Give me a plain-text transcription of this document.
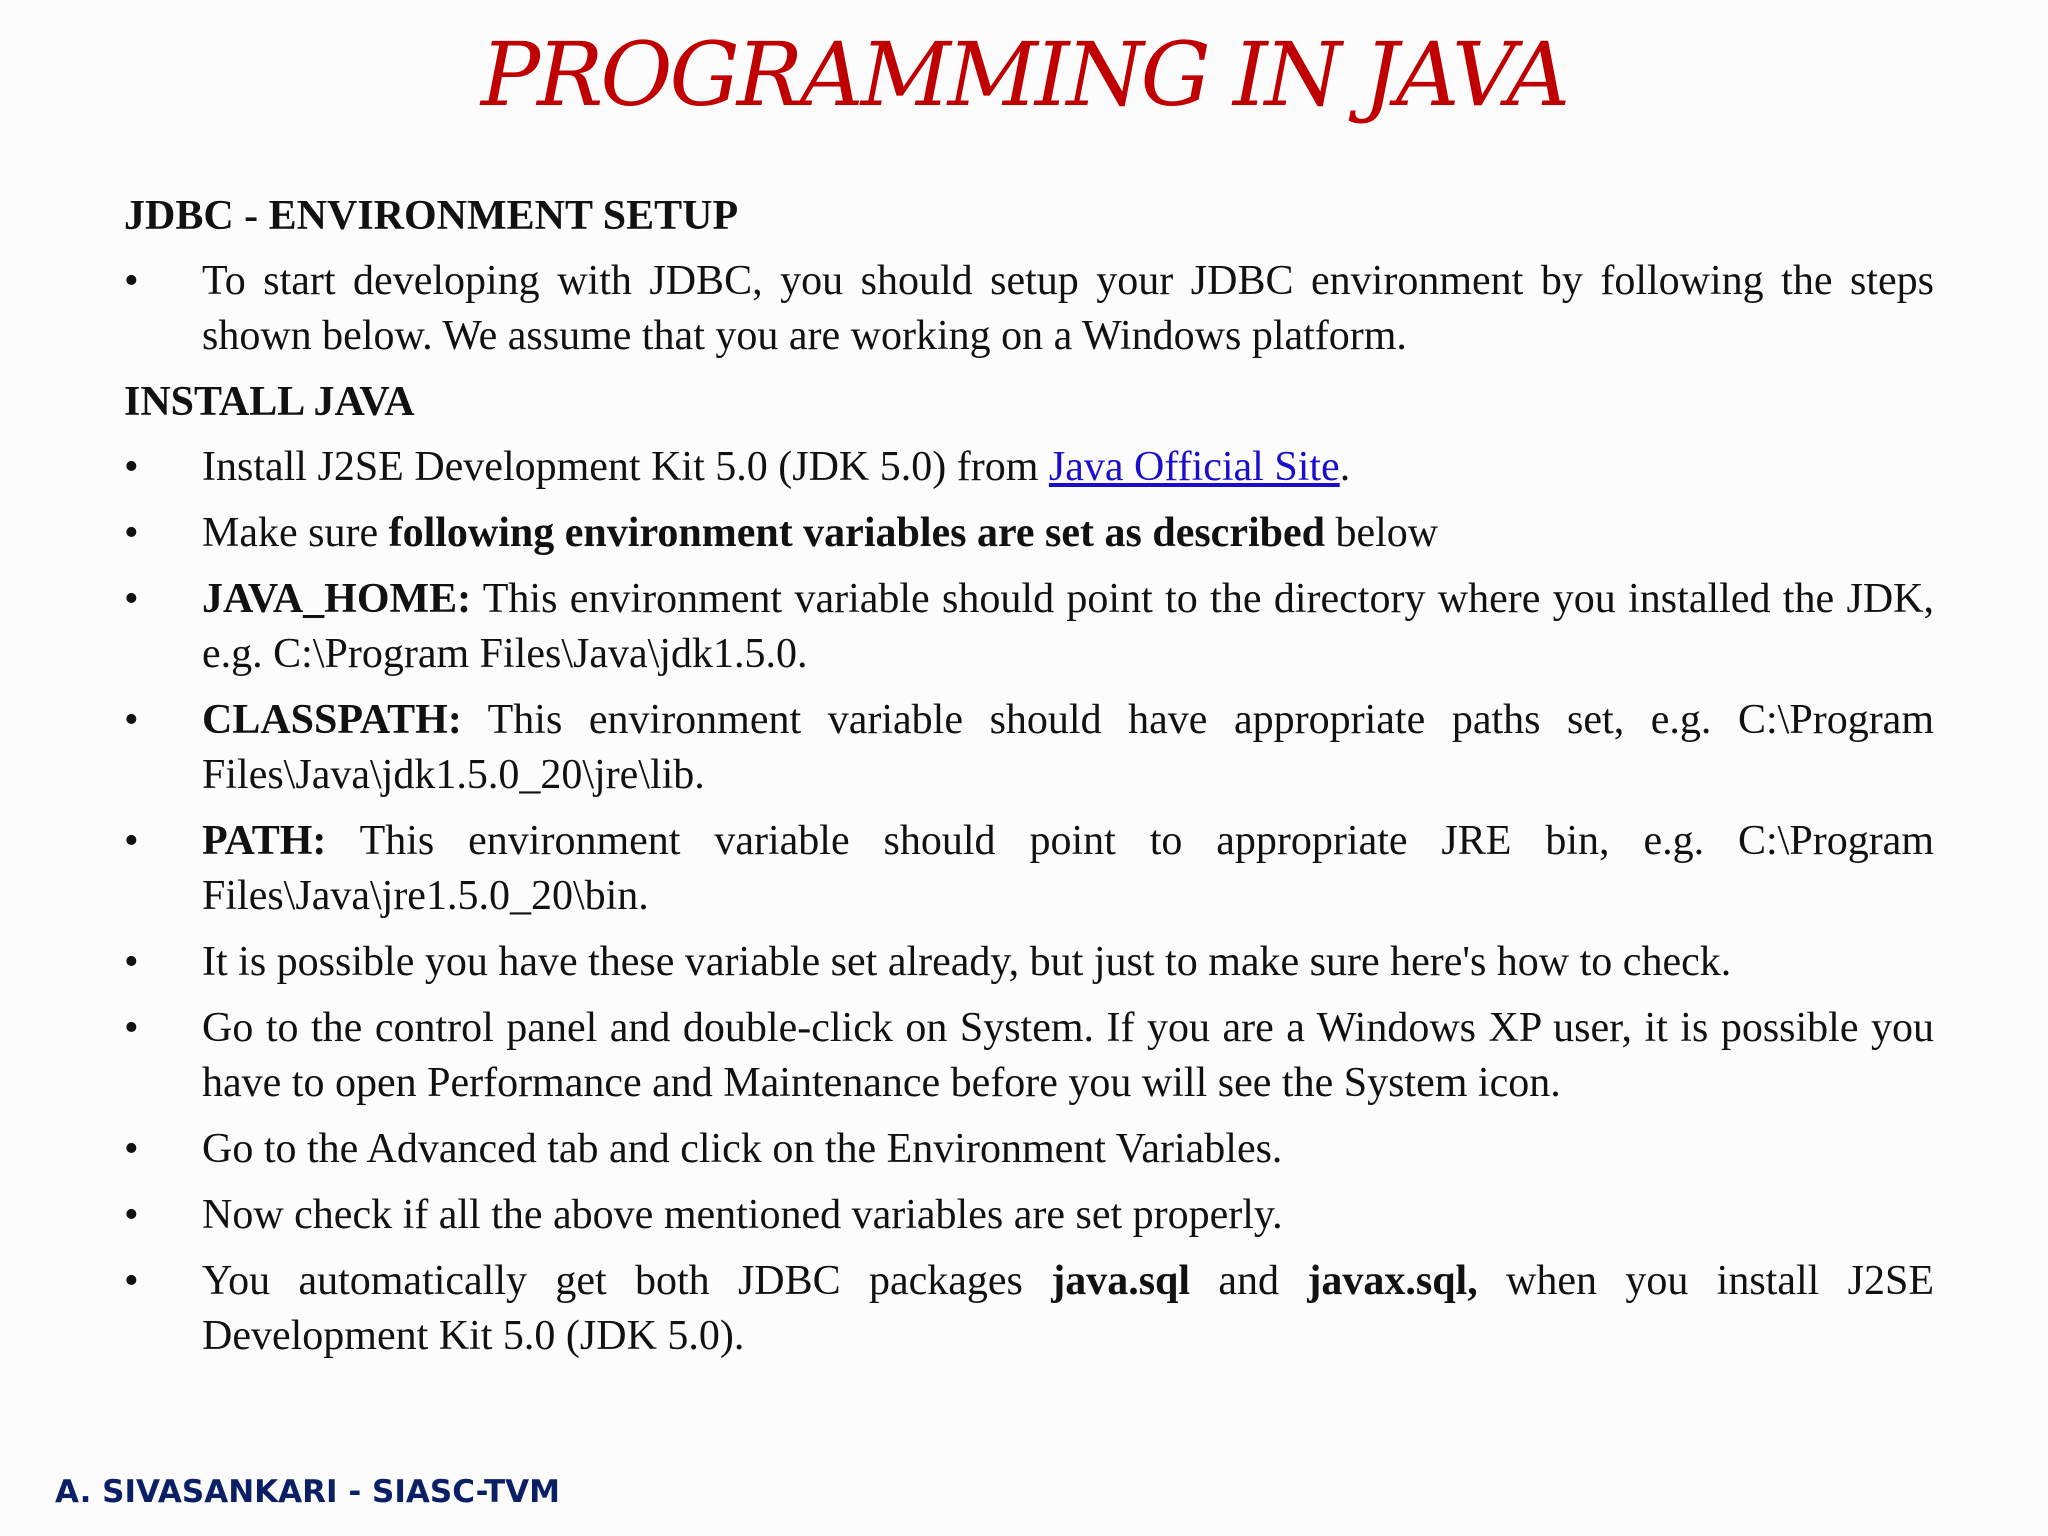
PROGRAMMING IN JAVA
JDBC - ENVIRONMENT SETUP
• To start developing with JDBC, you should setup your JDBC environment by following the steps shown below. We assume that you are working on a Windows platform.
INSTALL JAVA
• Install J2SE Development Kit 5.0 (JDK 5.0) from Java Official Site.
• Make sure following environment variables are set as described below
• JAVA_HOME: This environment variable should point to the directory where you installed the JDK, e.g. C:\Program Files\Java\jdk1.5.0.
• CLASSPATH: This environment variable should have appropriate paths set, e.g. C:\Program Files\Java\jdk1.5.0_20\jre\lib.
• PATH: This environment variable should point to appropriate JRE bin, e.g. C:\Program Files\Java\jre1.5.0_20\bin.
• It is possible you have these variable set already, but just to make sure here's how to check.
• Go to the control panel and double-click on System. If you are a Windows XP user, it is possible you have to open Performance and Maintenance before you will see the System icon.
• Go to the Advanced tab and click on the Environment Variables.
• Now check if all the above mentioned variables are set properly.
• You automatically get both JDBC packages java.sql and javax.sql, when you install J2SE Development Kit 5.0 (JDK 5.0).
A. SIVASANKARI - SIASC-TVM
